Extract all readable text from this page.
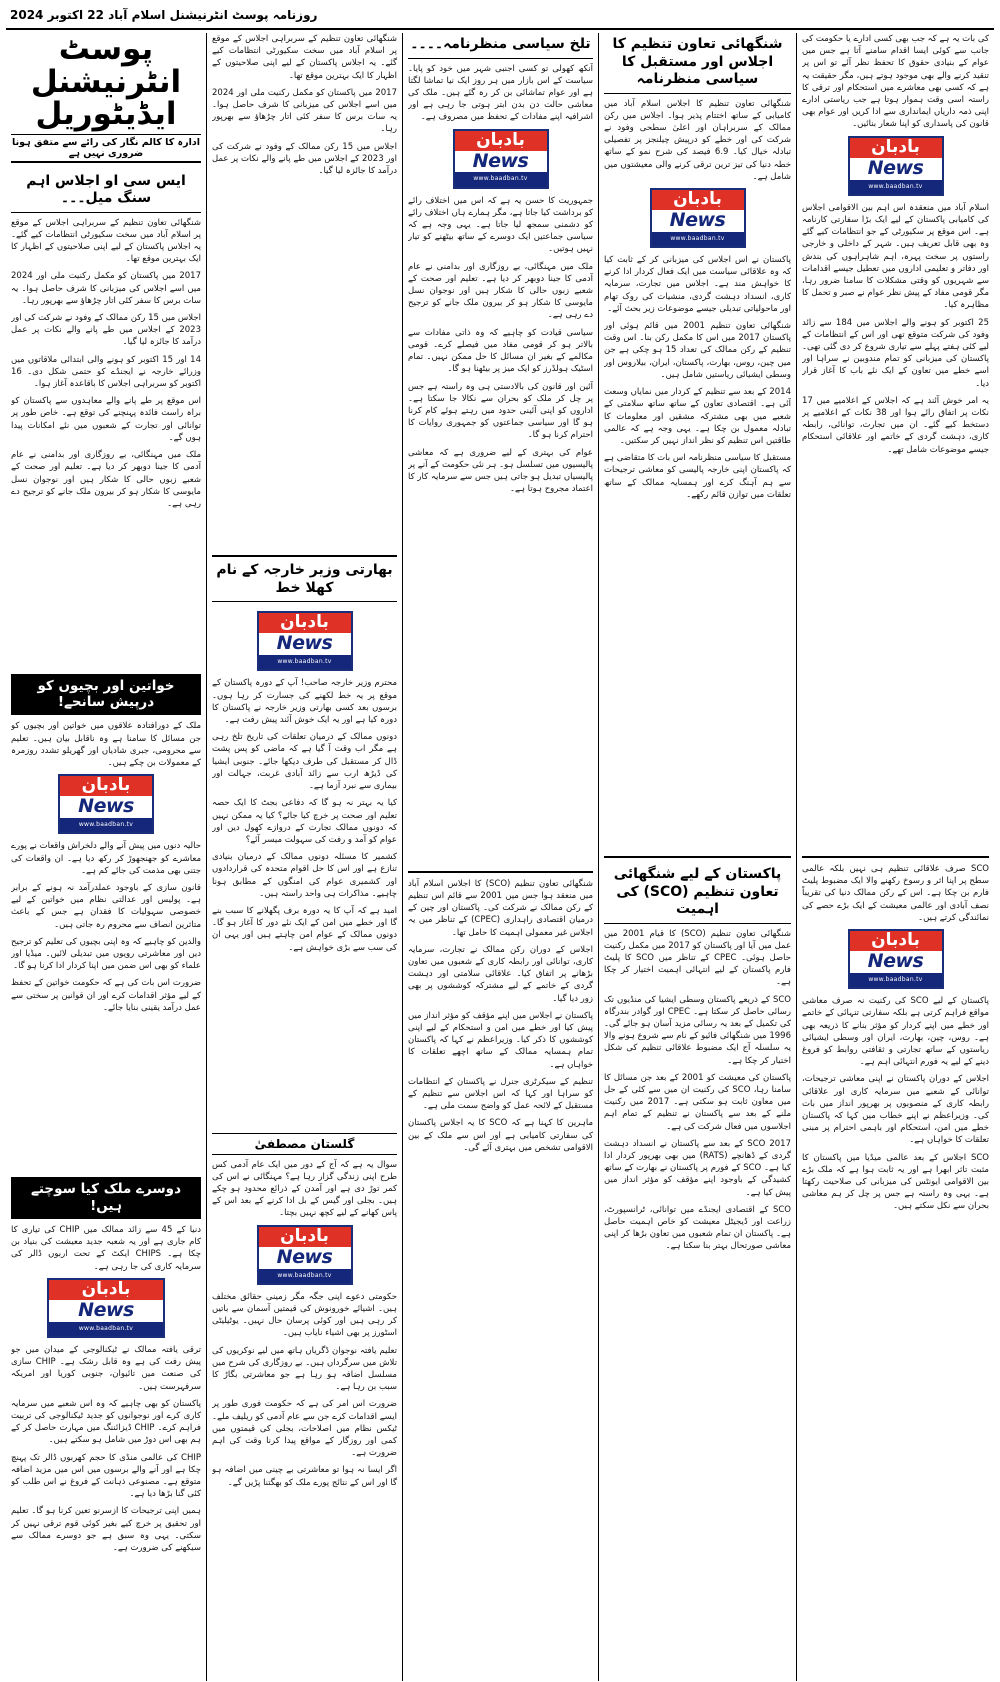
روزنامہ پوسٹ انٹرنیشنل اسلام آباد 22 اکتوبر 2024

کی بات یہ ہے کہ جب بھی کسی ادارے یا حکومت کی جانب سے کوئی ایسا اقدام سامنے آتا ہے جس میں عوام کے بنیادی حقوق کا تحفظ نظر آئے تو اس پر تنقید کرنے والے بھی موجود ہوتے ہیں، مگر حقیقت یہ ہے کہ کسی بھی معاشرے میں استحکام اور ترقی کا راستہ اسی وقت ہموار ہوتا ہے جب ریاستی ادارے اپنی ذمہ داریاں ایمانداری سے ادا کریں اور عوام بھی قانون کی پاسداری کو اپنا شعار بنائیں۔

بادبان
News
www.baadban.tv

اسلام آباد میں منعقدہ اس اہم بین الاقوامی اجلاس کی کامیابی پاکستان کے لیے ایک بڑا سفارتی کارنامہ ہے۔ اس موقع پر سکیورٹی کے جو انتظامات کیے گئے وہ بھی قابل تعریف ہیں۔ شہر کے داخلی و خارجی راستوں پر سخت پہرہ، اہم شاہراہوں کی بندش اور دفاتر و تعلیمی اداروں میں تعطیل جیسے اقدامات سے شہریوں کو وقتی مشکلات کا سامنا ضرور رہا، مگر قومی مفاد کے پیش نظر عوام نے صبر و تحمل کا مظاہرہ کیا۔

25 اکتوبر کو ہونے والے اجلاس میں 184 سے زائد وفود کی شرکت متوقع تھی اور اس کے انتظامات کے لیے کئی ہفتے پہلے سے تیاری شروع کر دی گئی تھی۔ پاکستان کی میزبانی کو تمام مندوبین نے سراہا اور اسے خطے میں تعاون کے ایک نئے باب کا آغاز قرار دیا۔

یہ امر خوش آئند ہے کہ اجلاس کے اعلامیے میں 17 نکات پر اتفاق رائے ہوا اور 38 نکات کے اعلامیے پر دستخط کیے گئے۔ ان میں تجارت، توانائی، رابطہ کاری، دہشت گردی کے خاتمے اور علاقائی استحکام جیسے موضوعات شامل تھے۔

SCO صرف علاقائی تنظیم ہی نہیں بلکہ عالمی سطح پر اپنا اثر و رسوخ رکھنے والا ایک مضبوط پلیٹ فارم بن چکا ہے۔ اس کے رکن ممالک دنیا کی تقریباً نصف آبادی اور عالمی معیشت کے ایک بڑے حصے کی نمائندگی کرتے ہیں۔

بادبان
News
www.baadban.tv

پاکستان کے لیے SCO کی رکنیت نہ صرف معاشی مواقع فراہم کرتی ہے بلکہ سفارتی تنہائی کے خاتمے اور خطے میں اپنے کردار کو مؤثر بنانے کا ذریعہ بھی ہے۔ روس، چین، بھارت، ایران اور وسطی ایشیائی ریاستوں کے ساتھ تجارتی و ثقافتی روابط کو فروغ دینے کے لیے یہ فورم انتہائی اہم ہے۔

اجلاس کے دوران پاکستان نے اپنی معاشی ترجیحات، توانائی کے شعبے میں سرمایہ کاری اور علاقائی رابطہ کاری کے منصوبوں پر بھرپور انداز میں بات کی۔ وزیراعظم نے اپنے خطاب میں کہا کہ پاکستان خطے میں امن، استحکام اور باہمی احترام پر مبنی تعلقات کا خواہاں ہے۔

SCO اجلاس کے بعد عالمی میڈیا میں پاکستان کا مثبت تاثر ابھرا ہے اور یہ ثابت ہوا ہے کہ ملک بڑے بین الاقوامی ایونٹس کی میزبانی کی صلاحیت رکھتا ہے۔ یہی وہ راستہ ہے جس پر چل کر ہم معاشی بحران سے نکل سکتے ہیں۔

شنگھائی تعاون تنظیم کا اجلاس اور مستقبل کا سیاسی منظرنامہ

شنگھائی تعاون تنظیم کا اجلاس اسلام آباد میں کامیابی کے ساتھ اختتام پذیر ہوا۔ اجلاس میں رکن ممالک کے سربراہان اور اعلیٰ سطحی وفود نے شرکت کی اور خطے کو درپیش چیلنجز پر تفصیلی تبادلہ خیال کیا۔ 6.9 فیصد کی شرح نمو کے ساتھ خطہ دنیا کی تیز ترین ترقی کرنے والی معیشتوں میں شامل ہے۔

بادبان
News
www.baadban.tv

پاکستان نے اس اجلاس کی میزبانی کر کے ثابت کیا کہ وہ علاقائی سیاست میں ایک فعال کردار ادا کرنے کا خواہش مند ہے۔ اجلاس میں تجارت، سرمایہ کاری، انسداد دہشت گردی، منشیات کی روک تھام اور ماحولیاتی تبدیلی جیسے موضوعات زیر بحث آئے۔

شنگھائی تعاون تنظیم 2001 میں قائم ہوئی اور پاکستان 2017 میں اس کا مکمل رکن بنا۔ اس وقت تنظیم کے رکن ممالک کی تعداد 15 ہو چکی ہے جن میں چین، روس، بھارت، پاکستان، ایران، بیلاروس اور وسطی ایشیائی ریاستیں شامل ہیں۔

2014 کے بعد سے تنظیم کے کردار میں نمایاں وسعت آئی ہے۔ اقتصادی تعاون کے ساتھ ساتھ سلامتی کے شعبے میں بھی مشترکہ مشقیں اور معلومات کا تبادلہ معمول بن چکا ہے۔ یہی وجہ ہے کہ عالمی طاقتیں اس تنظیم کو نظر انداز نہیں کر سکتیں۔

مستقبل کا سیاسی منظرنامہ اس بات کا متقاضی ہے کہ پاکستان اپنی خارجہ پالیسی کو معاشی ترجیحات سے ہم آہنگ کرے اور ہمسایہ ممالک کے ساتھ تعلقات میں توازن قائم رکھے۔

پاکستان کے لیے شنگھائی تعاون تنظیم (SCO) کی اہمیت

شنگھائی تعاون تنظیم (SCO) کا قیام 2001 میں عمل میں آیا اور پاکستان کو 2017 میں مکمل رکنیت حاصل ہوئی۔ CPEC کے تناظر میں SCO کا پلیٹ فارم پاکستان کے لیے انتہائی اہمیت اختیار کر چکا ہے۔

SCO کے ذریعے پاکستان وسطی ایشیا کی منڈیوں تک رسائی حاصل کر سکتا ہے۔ CPEC اور گوادر بندرگاہ کی تکمیل کے بعد یہ رسائی مزید آسان ہو جائے گی۔ 1996 میں شنگھائی فائیو کے نام سے شروع ہونے والا یہ سلسلہ آج ایک مضبوط علاقائی تنظیم کی شکل اختیار کر چکا ہے۔

پاکستان کی معیشت کو 2001 کے بعد جن مسائل کا سامنا رہا، SCO کی رکنیت ان میں سے کئی کے حل میں معاون ثابت ہو سکتی ہے۔ 2017 میں رکنیت ملنے کے بعد سے پاکستان نے تنظیم کے تمام اہم اجلاسوں میں فعال شرکت کی ہے۔

SCO 2017 کے بعد سے پاکستان نے انسداد دہشت گردی کے ڈھانچے (RATS) میں بھی بھرپور کردار ادا کیا ہے۔ SCO کے فورم پر پاکستان نے بھارت کے ساتھ کشیدگی کے باوجود اپنے مؤقف کو مؤثر انداز میں پیش کیا ہے۔

SCO کے اقتصادی ایجنڈے میں توانائی، ٹرانسپورٹ، زراعت اور ڈیجیٹل معیشت کو خاص اہمیت حاصل ہے۔ پاکستان ان تمام شعبوں میں تعاون بڑھا کر اپنی معاشی صورتحال بہتر بنا سکتا ہے۔

تلخ سیاسی منظرنامہ۔۔۔۔

آنکھ کھولی تو کسی اجنبی شہر میں خود کو پایا۔ سیاست کے اس بازار میں ہر روز ایک نیا تماشا لگتا ہے اور عوام تماشائی بن کر رہ گئے ہیں۔ ملک کی معاشی حالت دن بدن ابتر ہوتی جا رہی ہے اور اشرافیہ اپنے مفادات کے تحفظ میں مصروف ہے۔

بادبان
News
www.baadban.tv

جمہوریت کا حسن یہ ہے کہ اس میں اختلاف رائے کو برداشت کیا جاتا ہے، مگر ہمارے ہاں اختلاف رائے کو دشمنی سمجھ لیا جاتا ہے۔ یہی وجہ ہے کہ سیاسی جماعتیں ایک دوسرے کے ساتھ بیٹھنے کو تیار نہیں ہوتیں۔

ملک میں مہنگائی، بے روزگاری اور بدامنی نے عام آدمی کا جینا دوبھر کر دیا ہے۔ تعلیم اور صحت کے شعبے زبوں حالی کا شکار ہیں اور نوجوان نسل مایوسی کا شکار ہو کر بیرون ملک جانے کو ترجیح دے رہی ہے۔

سیاسی قیادت کو چاہیے کہ وہ ذاتی مفادات سے بالاتر ہو کر قومی مفاد میں فیصلے کرے۔ قومی مکالمے کے بغیر ان مسائل کا حل ممکن نہیں۔ تمام اسٹیک ہولڈرز کو ایک میز پر بیٹھنا ہو گا۔

آئین اور قانون کی بالادستی ہی وہ راستہ ہے جس پر چل کر ملک کو بحران سے نکالا جا سکتا ہے۔ اداروں کو اپنی آئینی حدود میں رہتے ہوئے کام کرنا ہو گا اور سیاسی جماعتوں کو جمہوری روایات کا احترام کرنا ہو گا۔

عوام کی بہتری کے لیے ضروری ہے کہ معاشی پالیسیوں میں تسلسل ہو۔ ہر نئی حکومت کے آنے پر پالیسیاں تبدیل ہو جاتی ہیں جس سے سرمایہ کار کا اعتماد مجروح ہوتا ہے۔

شنگھائی تعاون تنظیم (SCO) کا اجلاس اسلام آباد میں منعقد ہوا جس میں 2001 سے قائم اس تنظیم کے رکن ممالک نے شرکت کی۔ پاکستان اور چین کے درمیان اقتصادی راہداری (CPEC) کے تناظر میں یہ اجلاس غیر معمولی اہمیت کا حامل تھا۔

اجلاس کے دوران رکن ممالک نے تجارت، سرمایہ کاری، توانائی اور رابطہ کاری کے شعبوں میں تعاون بڑھانے پر اتفاق کیا۔ علاقائی سلامتی اور دہشت گردی کے خاتمے کے لیے مشترکہ کوششوں پر بھی زور دیا گیا۔

پاکستان نے اجلاس میں اپنے مؤقف کو مؤثر انداز میں پیش کیا اور خطے میں امن و استحکام کے لیے اپنی کوششوں کا ذکر کیا۔ وزیراعظم نے کہا کہ پاکستان تمام ہمسایہ ممالک کے ساتھ اچھے تعلقات کا خواہاں ہے۔

تنظیم کے سیکرٹری جنرل نے پاکستان کے انتظامات کو سراہا اور کہا کہ اس اجلاس سے تنظیم کے مستقبل کے لائحہ عمل کو واضح سمت ملی ہے۔

ماہرین کا کہنا ہے کہ SCO کا یہ اجلاس پاکستان کی سفارتی کامیابی ہے اور اس سے ملک کے بین الاقوامی تشخص میں بہتری آئے گی۔

شنگھائی تعاون تنظیم کے سربراہی اجلاس کے موقع پر اسلام آباد میں سخت سکیورٹی انتظامات کیے گئے۔ یہ اجلاس پاکستان کے لیے اپنی صلاحیتوں کے اظہار کا ایک بہترین موقع تھا۔

2017 میں پاکستان کو مکمل رکنیت ملی اور 2024 میں اسے اجلاس کی میزبانی کا شرف حاصل ہوا۔ یہ سات برس کا سفر کئی اتار چڑھاؤ سے بھرپور رہا۔

اجلاس میں 15 رکن ممالک کے وفود نے شرکت کی اور 2023 کے اجلاس میں طے پانے والے نکات پر عمل درآمد کا جائزہ لیا گیا۔

بھارتی وزیر خارجہ کے نام کھلا خط
بادبان
News
www.baadban.tv

محترم وزیر خارجہ صاحب! آپ کے دورہ پاکستان کے موقع پر یہ خط لکھنے کی جسارت کر رہا ہوں۔ برسوں بعد کسی بھارتی وزیر خارجہ نے پاکستان کا دورہ کیا ہے اور یہ ایک خوش آئند پیش رفت ہے۔

دونوں ممالک کے درمیان تعلقات کی تاریخ تلخ رہی ہے مگر اب وقت آ گیا ہے کہ ماضی کو پس پشت ڈال کر مستقبل کی طرف دیکھا جائے۔ جنوبی ایشیا کی ڈیڑھ ارب سے زائد آبادی غربت، جہالت اور بیماری سے نبرد آزما ہے۔

کیا یہ بہتر نہ ہو گا کہ دفاعی بجٹ کا ایک حصہ تعلیم اور صحت پر خرچ کیا جائے؟ کیا یہ ممکن نہیں کہ دونوں ممالک تجارت کے دروازے کھول دیں اور عوام کو آمد و رفت کی سہولت میسر آئے؟

کشمیر کا مسئلہ دونوں ممالک کے درمیان بنیادی تنازع ہے اور اس کا حل اقوام متحدہ کی قراردادوں اور کشمیری عوام کی امنگوں کے مطابق ہونا چاہیے۔ مذاکرات ہی واحد راستہ ہیں۔

امید ہے کہ آپ کا یہ دورہ برف پگھلانے کا سبب بنے گا اور خطے میں امن کے ایک نئے دور کا آغاز ہو گا۔ دونوں ممالک کے عوام امن چاہتے ہیں اور یہی ان کی سب سے بڑی خواہش ہے۔

گلستان مصطفیٰ

سوال یہ ہے کہ آج کے دور میں ایک عام آدمی کس طرح اپنی زندگی گزار رہا ہے؟ مہنگائی نے اس کی کمر توڑ دی ہے اور آمدن کے ذرائع محدود ہو چکے ہیں۔ بجلی اور گیس کے بل ادا کرنے کے بعد اس کے پاس کھانے کے لیے کچھ نہیں بچتا۔

بادبان
News
www.baadban.tv

حکومتی دعوے اپنی جگہ مگر زمینی حقائق مختلف ہیں۔ اشیائے خورونوش کی قیمتیں آسمان سے باتیں کر رہی ہیں اور کوئی پرسان حال نہیں۔ یوٹیلیٹی اسٹورز پر بھی اشیاء نایاب ہیں۔

تعلیم یافتہ نوجوان ڈگریاں ہاتھ میں لیے نوکریوں کی تلاش میں سرگرداں ہیں۔ بے روزگاری کی شرح میں مسلسل اضافہ ہو رہا ہے جو معاشرتی بگاڑ کا سبب بن رہا ہے۔

ضرورت اس امر کی ہے کہ حکومت فوری طور پر ایسے اقدامات کرے جن سے عام آدمی کو ریلیف ملے۔ ٹیکس نظام میں اصلاحات، بجلی کی قیمتوں میں کمی اور روزگار کے مواقع پیدا کرنا وقت کی اہم ضرورت ہے۔

اگر ایسا نہ ہوا تو معاشرتی بے چینی میں اضافہ ہو گا اور اس کے نتائج پورے ملک کو بھگتنا پڑیں گے۔

پوسٹ انٹرنیشنل
ایڈیٹوریل
ادارہ کا کالم نگار کی رائے سے متفق ہونا ضروری نہیں ہے
ایس سی او اجلاس اہم سنگ میل۔۔۔

شنگھائی تعاون تنظیم کے سربراہی اجلاس کے موقع پر اسلام آباد میں سخت سکیورٹی انتظامات کیے گئے۔ یہ اجلاس پاکستان کے لیے اپنی صلاحیتوں کے اظہار کا ایک بہترین موقع تھا۔

2017 میں پاکستان کو مکمل رکنیت ملی اور 2024 میں اسے اجلاس کی میزبانی کا شرف حاصل ہوا۔ یہ سات برس کا سفر کئی اتار چڑھاؤ سے بھرپور رہا۔

اجلاس میں 15 رکن ممالک کے وفود نے شرکت کی اور 2023 کے اجلاس میں طے پانے والے نکات پر عمل درآمد کا جائزہ لیا گیا۔

14 اور 15 اکتوبر کو ہونے والی ابتدائی ملاقاتوں میں وزرائے خارجہ نے ایجنڈے کو حتمی شکل دی۔ 16 اکتوبر کو سربراہی اجلاس کا باقاعدہ آغاز ہوا۔

اس موقع پر طے پانے والے معاہدوں سے پاکستان کو براہ راست فائدہ پہنچنے کی توقع ہے۔ خاص طور پر توانائی اور تجارت کے شعبوں میں نئے امکانات پیدا ہوں گے۔

ملک میں مہنگائی، بے روزگاری اور بدامنی نے عام آدمی کا جینا دوبھر کر دیا ہے۔ تعلیم اور صحت کے شعبے زبوں حالی کا شکار ہیں اور نوجوان نسل مایوسی کا شکار ہو کر بیرون ملک جانے کو ترجیح دے رہی ہے۔

خواتین اور بچیوں کو درپیش سانحے!

ملک کے دورافتادہ علاقوں میں خواتین اور بچیوں کو جن مسائل کا سامنا ہے وہ ناقابل بیان ہیں۔ تعلیم سے محرومی، جبری شادیاں اور گھریلو تشدد روزمرہ کے معمولات بن چکے ہیں۔

بادبان
News
www.baadban.tv

حالیہ دنوں میں پیش آنے والے دلخراش واقعات نے پورے معاشرے کو جھنجھوڑ کر رکھ دیا ہے۔ ان واقعات کی جتنی بھی مذمت کی جائے کم ہے۔

قانون سازی کے باوجود عملدرآمد نہ ہونے کے برابر ہے۔ پولیس اور عدالتی نظام میں خواتین کے لیے خصوصی سہولیات کا فقدان ہے جس کے باعث متاثرین انصاف سے محروم رہ جاتی ہیں۔

والدین کو چاہیے کہ وہ اپنی بچیوں کی تعلیم کو ترجیح دیں اور معاشرتی رویوں میں تبدیلی لائیں۔ میڈیا اور علماء کو بھی اس ضمن میں اپنا کردار ادا کرنا ہو گا۔

ضرورت اس بات کی ہے کہ حکومت خواتین کے تحفظ کے لیے مؤثر اقدامات کرے اور ان قوانین پر سختی سے عمل درآمد یقینی بنایا جائے۔

دوسرے ملک کیا سوچتے ہیں!

دنیا کے 45 سے زائد ممالک میں CHIP کی تیاری کا کام جاری ہے اور یہ شعبہ جدید معیشت کی بنیاد بن چکا ہے۔ CHIPS ایکٹ کے تحت اربوں ڈالر کی سرمایہ کاری کی جا رہی ہے۔

بادبان
News
www.baadban.tv

ترقی یافتہ ممالک نے ٹیکنالوجی کے میدان میں جو پیش رفت کی ہے وہ قابل رشک ہے۔ CHIP سازی کی صنعت میں تائیوان، جنوبی کوریا اور امریکہ سرفہرست ہیں۔

پاکستان کو بھی چاہیے کہ وہ اس شعبے میں سرمایہ کاری کرے اور نوجوانوں کو جدید ٹیکنالوجی کی تربیت فراہم کرے۔ CHIP ڈیزائننگ میں مہارت حاصل کر کے ہم بھی اس دوڑ میں شامل ہو سکتے ہیں۔

CHIP کی عالمی منڈی کا حجم کھربوں ڈالر تک پہنچ چکا ہے اور آنے والے برسوں میں اس میں مزید اضافہ متوقع ہے۔ مصنوعی ذہانت کے فروغ نے اس طلب کو کئی گنا بڑھا دیا ہے۔

ہمیں اپنی ترجیحات کا ازسرنو تعین کرنا ہو گا۔ تعلیم اور تحقیق پر خرچ کیے بغیر کوئی قوم ترقی نہیں کر سکتی۔ یہی وہ سبق ہے جو دوسرے ممالک سے سیکھنے کی ضرورت ہے۔
